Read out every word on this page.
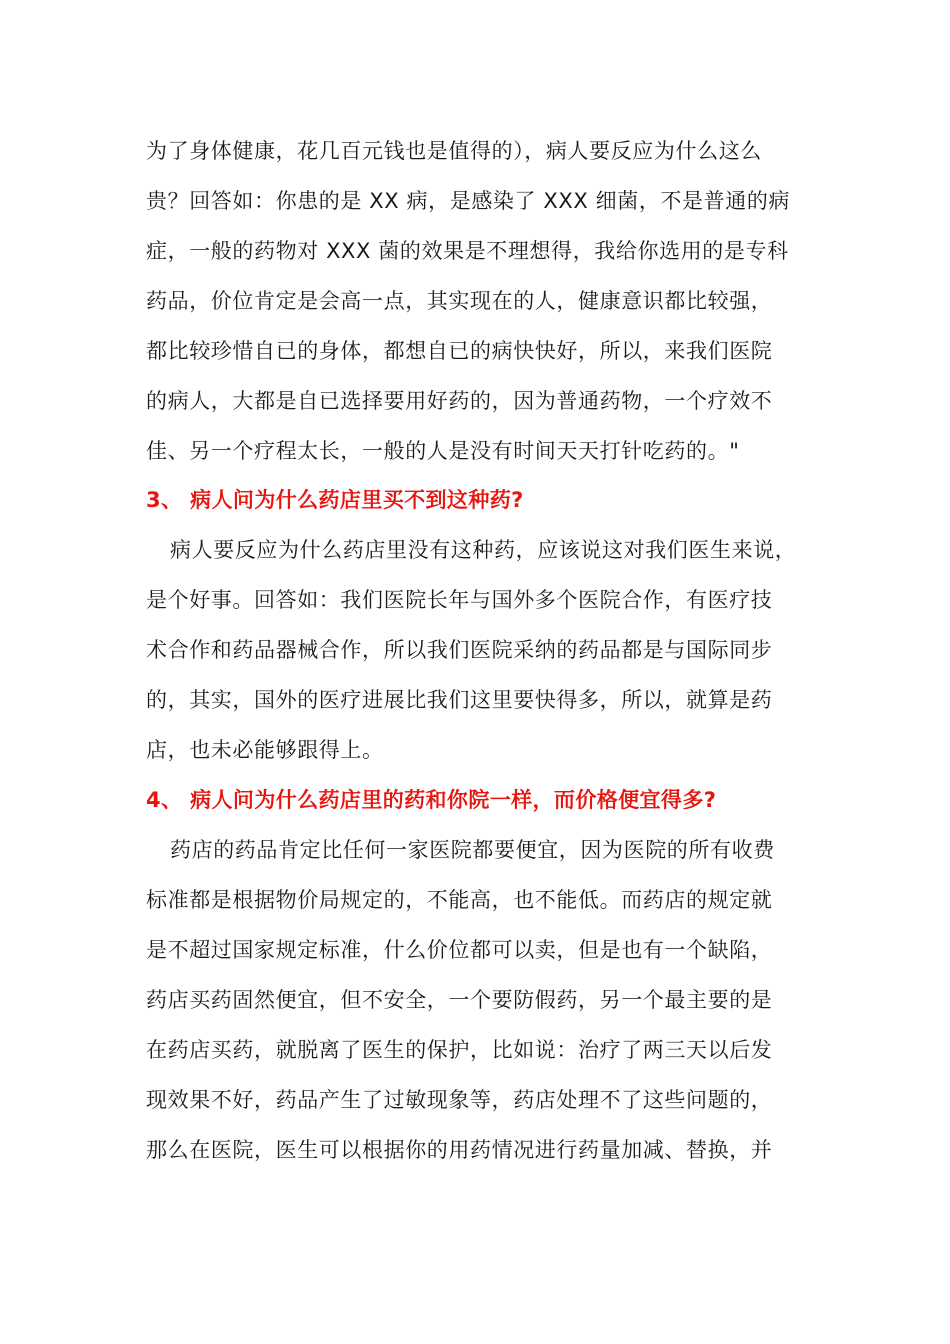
为了身体健康，花几百元钱也是值得的），病人要反应为什么这么
贵？回答如：你患的是 XX 病，是感染了 XXX 细菌，不是普通的病
症，一般的药物对 XXX 菌的效果是不理想得，我给你选用的是专科
药品，价位肯定是会高一点，其实现在的人，健康意识都比较强，
都比较珍惜自已的身体，都想自已的病快快好，所以，来我们医院
的病人，大都是自已选择要用好药的，因为普通药物，一个疗效不
佳、另一个疗程太长，一般的人是没有时间天天打针吃药的。"
3、 病人问为什么药店里买不到这种药?
病人要反应为什么药店里没有这种药，应该说这对我们医生来说，
是个好事。回答如：我们医院长年与国外多个医院合作，有医疗技
术合作和药品器械合作，所以我们医院采纳的药品都是与国际同步
的，其实，国外的医疗进展比我们这里要快得多，所以，就算是药
店，也未必能够跟得上。
4、 病人问为什么药店里的药和你院一样，而价格便宜得多?
药店的药品肯定比任何一家医院都要便宜，因为医院的所有收费
标准都是根据物价局规定的，不能高，也不能低。而药店的规定就
是不超过国家规定标准，什么价位都可以卖，但是也有一个缺陷，
药店买药固然便宜，但不安全，一个要防假药，另一个最主要的是
在药店买药，就脱离了医生的保护，比如说：治疗了两三天以后发
现效果不好，药品产生了过敏现象等，药店处理不了这些问题的，
那么在医院，医生可以根据你的用药情况进行药量加减、替换，并
